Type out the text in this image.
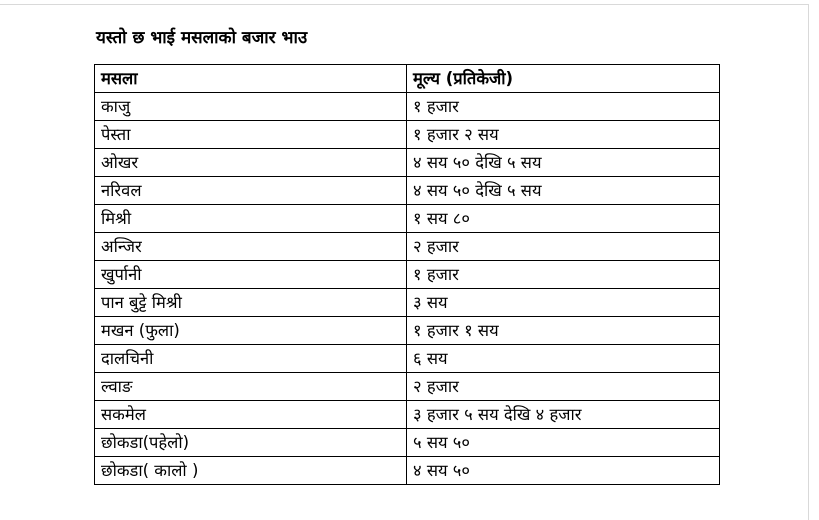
यस्तो छ भाई मसलाको बजार भाउ
मसला	मूल्य (प्रतिकेजी)
काजु	१ हजार
पेस्ता	१ हजार २ सय
ओखर	४ सय ५० देखि ५ सय
नरिवल	४ सय ५० देखि ५ सय
मिश्री	१ सय ८०
अन्जिर	२ हजार
खुर्पानी	१ हजार
पान बुट्टे मिश्री	३ सय
मखन (फुला)	१ हजार १ सय
दालचिनी	६ सय
ल्वाङ	२ हजार
सकमेल	३ हजार ५ सय देखि ४ हजार
छोकडा(पहेलो)	५ सय ५०
छोकडा( कालो )	४ सय ५०
